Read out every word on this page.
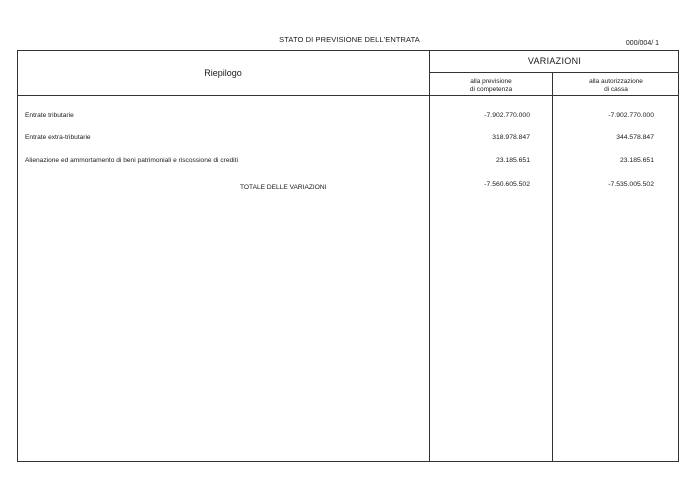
STATO DI PREVISIONE DELL'ENTRATA	000/004/ 1
Riepilogo
VARIAZIONI
alla previsione
di competenza
alla autorizzazione
di cassa
Entrate tributarie	-7.902.770.000	-7.902.770.000
Entrate extra-tributarie	318.978.847	344.578.847
Alienazione ed ammortamento di beni patrimoniali e riscossione di crediti	23.185.651	23.185.651
TOTALE DELLE VARIAZIONI	-7.560.605.502	-7.535.005.502
